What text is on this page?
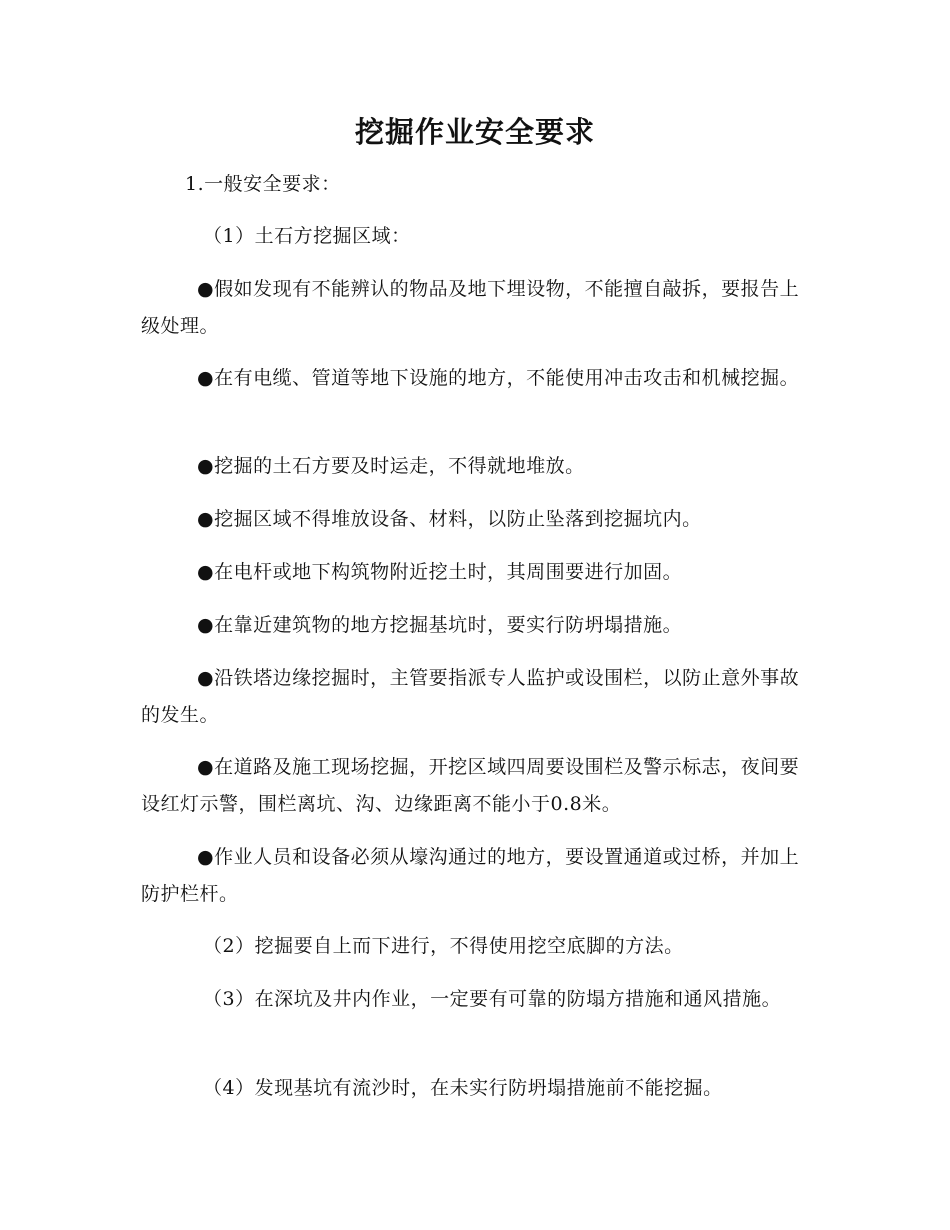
挖掘作业安全要求

1.一般安全要求：

（1）土石方挖掘区域：

●假如发现有不能辨认的物品及地下埋设物，不能擅自敲拆，要报告上级处理。

●在有电缆、管道等地下设施的地方，不能使用冲击攻击和机械挖掘。

●挖掘的土石方要及时运走，不得就地堆放。

●挖掘区域不得堆放设备、材料，以防止坠落到挖掘坑内。

●在电杆或地下构筑物附近挖土时，其周围要进行加固。

●在靠近建筑物的地方挖掘基坑时，要实行防坍塌措施。

●沿铁塔边缘挖掘时，主管要指派专人监护或设围栏，以防止意外事故的发生。

●在道路及施工现场挖掘，开挖区域四周要设围栏及警示标志，夜间要设红灯示警，围栏离坑、沟、边缘距离不能小于0.8米。

●作业人员和设备必须从壕沟通过的地方，要设置通道或过桥，并加上防护栏杆。

（2）挖掘要自上而下进行，不得使用挖空底脚的方法。

（3）在深坑及井内作业，一定要有可靠的防塌方措施和通风措施。

（4）发现基坑有流沙时，在未实行防坍塌措施前不能挖掘。
